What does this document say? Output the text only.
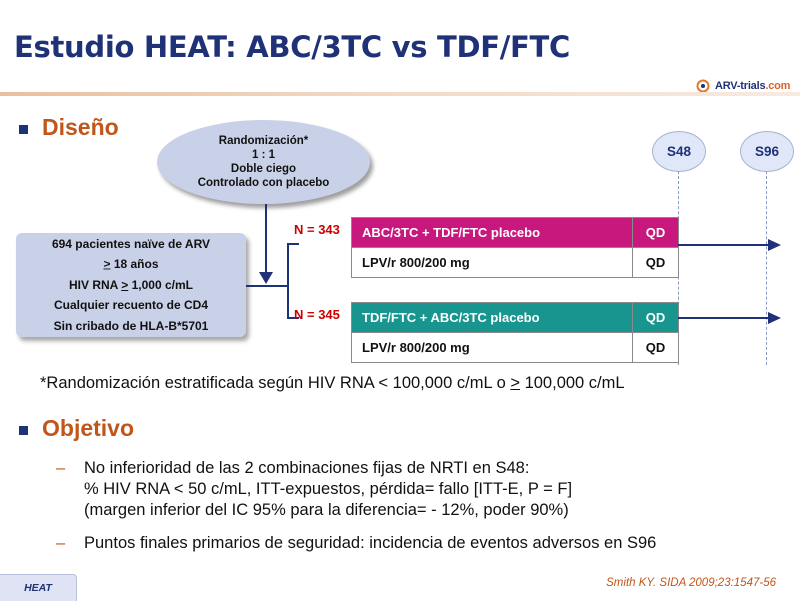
Estudio HEAT: ABC/3TC vs TDF/FTC
ARV-trials.com
Diseño
Randomización*
1 : 1
Doble ciego
Controlado con placebo
694 pacientes naïve de ARV
> 18 años
HIV RNA > 1,000 c/mL
Cualquier recuento de CD4
Sin cribado de HLA-B*5701
S48	S96
N = 343	ABC/3TC + TDF/FTC placebo	QD
LPV/r 800/200 mg	QD
N = 345	TDF/FTC + ABC/3TC placebo	QD
LPV/r 800/200 mg	QD
*Randomización estratificada según HIV RNA < 100,000 c/mL o > 100,000 c/mL
Objetivo
– No inferioridad de las 2 combinaciones fijas de NRTI en S48:
% HIV RNA < 50 c/mL, ITT-expuestos, pérdida= fallo [ITT-E, P = F]
(margen inferior del IC 95% para la diferencia= - 12%, poder 90%)
– Puntos finales primarios de seguridad: incidencia de eventos adversos en S96
HEAT	Smith KY. SIDA 2009;23:1547-56
